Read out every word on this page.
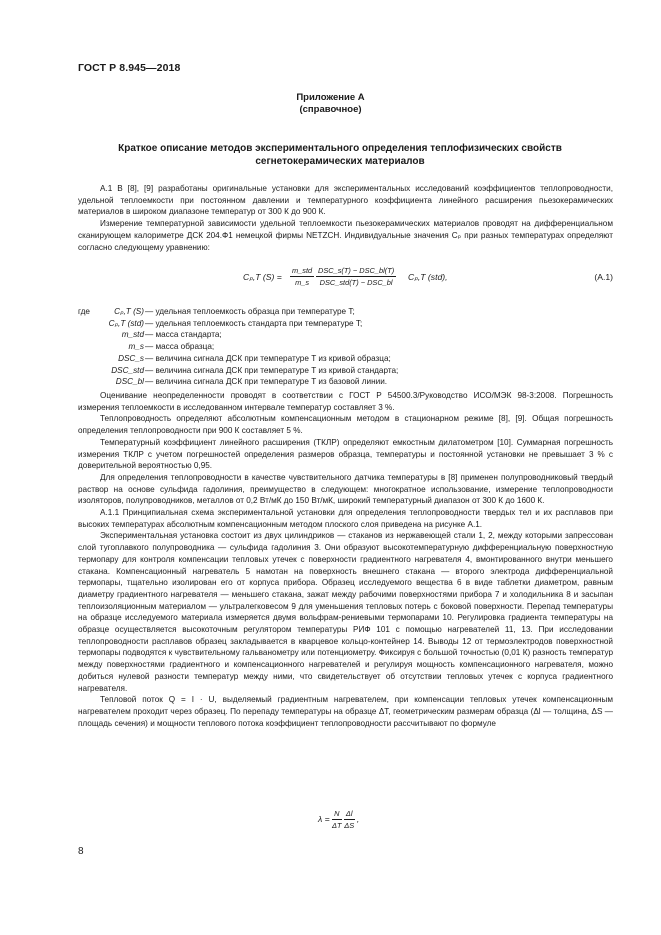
ГОСТ Р 8.945—2018
Приложение А
(справочное)
Краткое описание методов экспериментального определения теплофизических свойств сегнетокерамических материалов

А.1 В [8], [9] разработаны оригинальные установки для экспериментальных исследований коэффициентов теплопроводности, удельной теплоемкости при постоянном давлении и температурного коэффициента линейного расширения пьезокерамических материалов в широком диапазоне температур от 300 К до 900 К.

Измерение температурной зависимости удельной теплоемкости пьезокерамических материалов проводят на дифференциальном сканирующем калориметре ДСК 204.Ф1 немецкой фирмы NETZCH. Индивидуальные значения Cₚ при разных температурах определяют согласно следующему уравнению:

Cₚ,T (S) =
m_std
m_s
DSC_s(T) − DSC_bl(T)
DSC_std(T) − DSC_bl
Cₚ,T (std),	(А.1)
где	Cₚ,T (S) — удельная теплоемкость образца при температуре T;
Cₚ,T (std) — удельная теплоемкость стандарта при температуре T;
m_std — масса стандарта;
m_s — масса образца;
DSC_s — величина сигнала ДСК при температуре T из кривой образца;
DSC_std — величина сигнала ДСК при температуре T из кривой стандарта;
DSC_bl — величина сигнала ДСК при температуре T из базовой линии.

Оценивание неопределенности проводят в соответствии с ГОСТ Р 54500.3/Руководство ИСО/МЭК 98-3:2008. Погрешность измерения теплоемкости в исследованном интервале температур составляет 3 %.

Теплопроводность определяют абсолютным компенсационным методом в стационарном режиме [8], [9]. Общая погрешность определения теплопроводности при 900 К составляет 5 %.

Температурный коэффициент линейного расширения (ТКЛР) определяют емкостным дилатометром [10]. Суммарная погрешность измерения ТКЛР с учетом погрешностей определения размеров образца, температуры и постоянной установки не превышает 3 % с доверительной вероятностью 0,95.

Для определения теплопроводности в качестве чувствительного датчика температуры в [8] применен полупроводниковый твердый раствор на основе сульфида гадолиния, преимущество в следующем: многократное использование, измерение теплопроводности изоляторов, полупроводников, металлов от 0,2 Вт/мК до 150 Вт/мК, широкий температурный диапазон от 300 К до 1600 К.

А.1.1 Принципиальная схема экспериментальной установки для определения теплопроводности твердых тел и их расплавов при высоких температурах абсолютным компенсационным методом плоского слоя приведена на рисунке А.1.

Экспериментальная установка состоит из двух цилиндриков — стаканов из нержавеющей стали 1, 2, между которыми запрессован слой тугоплавкого полупроводника — сульфида гадолиния 3. Они образуют высокотемпературную дифференциальную поверхностную термопару для контроля компенсации тепловых утечек с поверхности градиентного нагревателя 4, вмонтированного внутри меньшего стакана. Компенсационный нагреватель 5 намотан на поверхность внешнего стакана — второго электрода дифференциальной термопары, тщательно изолирован его от корпуса прибора. Образец исследуемого вещества 6 в виде таблетки диаметром, равным диаметру градиентного нагревателя — меньшего стакана, зажат между рабочими поверхностями прибора 7 и холодильника 8 и засыпан теплоизоляционным материалом — ультралегковесом 9 для уменьшения тепловых потерь с боковой поверхности. Перепад температуры на образце исследуемого материала измеряется двумя вольфрам-рениевыми термопарами 10. Регулировка градиента температуры на образце осуществляется высокоточным регулятором температуры РИФ 101 с помощью нагревателей 11, 13. При исследовании теплопроводности расплавов образец закладывается в кварцевое кольцо-контейнер 14. Выводы 12 от термоэлектродов поверхностной термопары подводятся к чувствительному гальванометру или потенциометру. Фиксируя с большой точностью (0,01 К) разность температур между поверхностями градиентного и компенсационного нагревателей и регулируя мощность компенсационного нагревателя, можно добиться нулевой разности температур между ними, что свидетельствует об отсутствии тепловых утечек с корпуса градиентного нагревателя.

Тепловой поток Q = I · U, выделяемый градиентным нагревателем, при компенсации тепловых утечек компенсационным нагревателем проходит через образец. По перепаду температуры на образце ΔT, геометрическим размерам образца (Δl — толщина, ΔS — площадь сечения) и мощности теплового потока коэффициент теплопроводности рассчитывают по формуле

$\lambda = \frac{N}{\Delta T}$
$\frac{\Delta l}{\Delta S}$ ,
8
